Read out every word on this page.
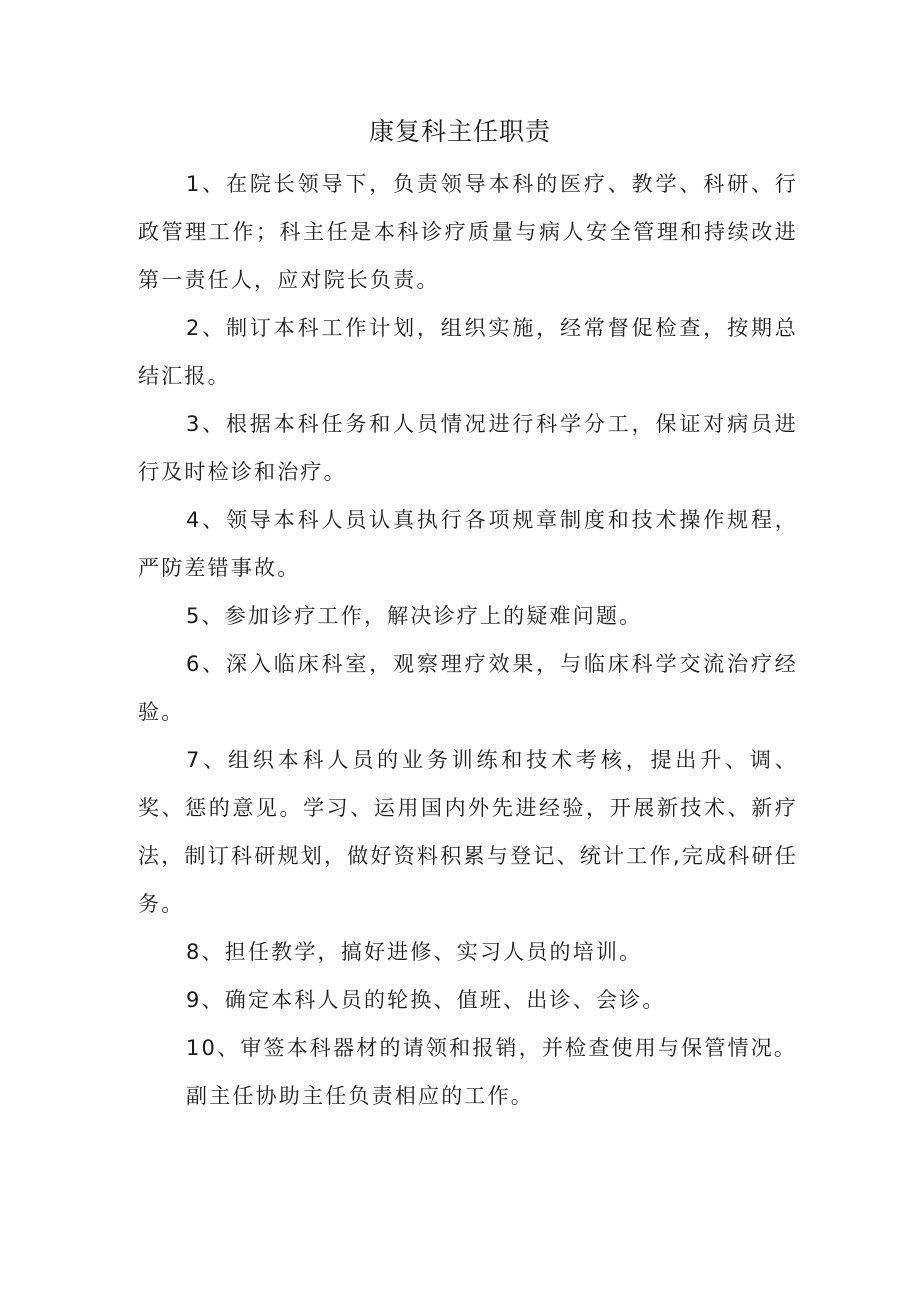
康复科主任职责

1、在院长领导下，负责领导本科的医疗、教学、科研、行政管理工作；科主任是本科诊疗质量与病人安全管理和持续改进第一责任人，应对院长负责。

2、制订本科工作计划，组织实施，经常督促检查，按期总结汇报。

3、根据本科任务和人员情况进行科学分工，保证对病员进行及时检诊和治疗。

4、领导本科人员认真执行各项规章制度和技术操作规程，严防差错事故。

5、参加诊疗工作，解决诊疗上的疑难问题。

6、深入临床科室，观察理疗效果，与临床科学交流治疗经验。

7、组织本科人员的业务训练和技术考核，提出升、调、奖、惩的意见。学习、运用国内外先进经验，开展新技术、新疗法，制订科研规划，做好资料积累与登记、统计工作,完成科研任务。

8、担任教学，搞好进修、实习人员的培训。

9、确定本科人员的轮换、值班、出诊、会诊。

10、审签本科器材的请领和报销，并检查使用与保管情况。

副主任协助主任负责相应的工作。
